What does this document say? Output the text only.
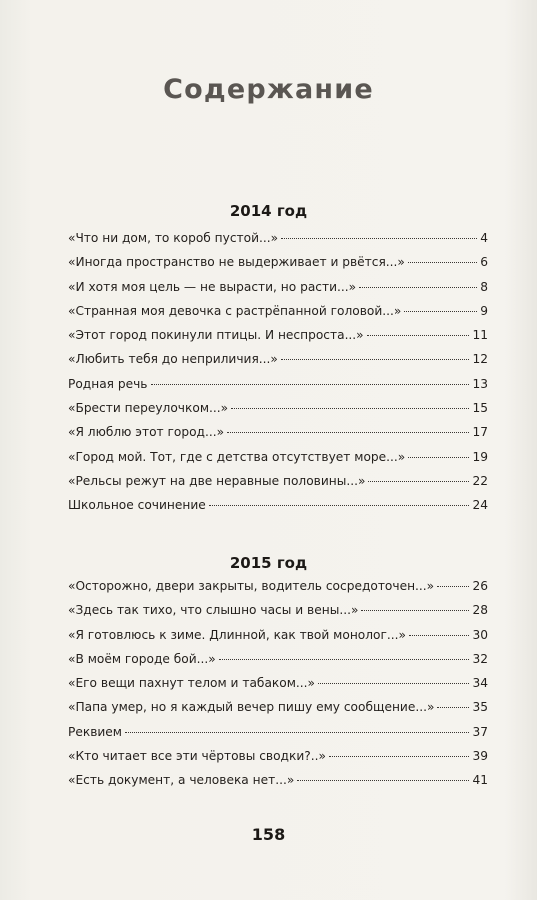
Содержание
2014 год
«Что ни дом, то короб пустой...»	4
«Иногда пространство не выдерживает и рвётся...»	6
«И хотя моя цель — не вырасти, но расти...»	8
«Странная моя девочка с растрёпанной головой...»	9
«Этот город покинули птицы. И неспроста...»	11
«Любить тебя до неприличия...»	12
Родная речь	13
«Брести переулочком...»	15
«Я люблю этот город...»	17
«Город мой. Тот, где с детства отсутствует море...»	19
«Рельсы режут на две неравные половины...»	22
Школьное сочинение	24
2015 год
«Осторожно, двери закрыты, водитель сосредоточен...»	26
«Здесь так тихо, что слышно часы и вены...»	28
«Я готовлюсь к зиме. Длинной, как твой монолог...»	30
«В моём городе бой...»	32
«Его вещи пахнут телом и табаком...»	34
«Папа умер, но я каждый вечер пишу ему сообщение...»	35
Реквием	37
«Кто читает все эти чёртовы сводки?..»	39
«Есть документ, а человека нет...»	41
158
